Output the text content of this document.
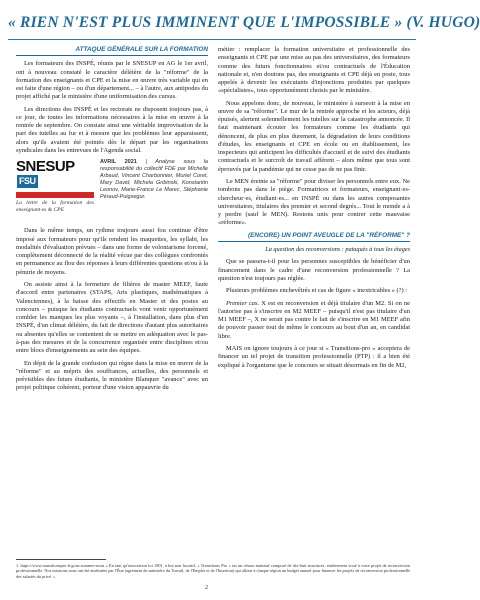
« RIEN N'EST PLUS IMMINENT QUE L'IMPOSSIBLE » (V. HUGO)
ATTAQUE GÉNÉRALE SUR LA FORMATION

Les formateurs des INSPÉ, réunis par le SNESUP en AG le 1er avril, ont à nouveau constaté le caractère délétère de la "réforme" de la formation des enseignants et CPE et la mise en œuvre très variable qui en est faite d'une région – ou d'un département... – à l'autre, aux antipodes du projet affiché par le ministère d'une uniformisation des cursus.

Les directions des INSPÉ et les rectorats ne disposent toujours pas, à ce jour, de toutes les informations nécessaires à la mise en œuvre à la rentrée de septembre. On constate ainsi une véritable improvisation de la part des tutelles au fur et à mesure que les problèmes leur apparaissent, alors qu'ils avaient été pointés dès le départ par les organisations syndicales dans les entrevues de l'Agenda social.

SNESUPFSU
La lettre de la formation des enseignant·es & CPE
AVRIL 2021 | Analyse sous la responsabilité du collectif FDE par Michelle Arbaud, Vincent Charbonnier, Muriel Coret, Mary David, Michela Gribinski, Konstantin Leonov, Marie-France Le Marec, Stéphanie Péraud-Puigsegur.

Dans le même temps, un rythme toujours aussi fou continue d'être imposé aux formateurs pour qu'ils rendent les maquettes, les syllabi, les modalités d'évaluation prévues – dans une forme de volontarisme forcené, complètement déconnecté de la réalité vécue par des collègues confrontés en permanence au flou des réponses à leurs différentes questions et/ou à la pénurie de moyens.

On assiste ainsi à la fermeture de filières de master MEEF, faute d'accord entre partenaires (STAPS, Arts plastiques, mathématiques à Valenciennes), à la baisse des effectifs en Master et des postes au concours – puisque les étudiants contractuels vont venir opportunément combler les manques les plus voyants –, à l'installation, dans plus d'un INSPÉ, d'un climat délétère, du fait de directions d'autant plus autoritaires ou absentes qu'elles se contentent de se mettre en adéquation avec le pas-à-pas des mesures et de la concurrence organisée entre disciplines et/ou entre blocs d'enseignements au sein des équipes.

En dépit de la grande confusion qui règne dans la mise en œuvre de la "réforme" et au mépris des souffrances, actuelles, des personnels et prévisibles des futurs étudiants, le ministère Blanquer "avance" avec un projet politique cohérent, porteur d'une vision appauvrie du

métier : remplacer la formation universitaire et professionnelle des enseignants et CPE par une mise au pas des universitaires, des formateurs comme des futurs fonctionnaires et/ou contractuels de l'Éducation nationale et, n'en doutons pas, des enseignants et CPE déjà en poste, tous appelés à devenir les exécutants d'injonctions produites par quelques «spécialistes», tous opportunément choisis par le ministère.

Nous appelons donc, de nouveau, le ministère à surseoir à la mise en œuvre de sa "réforme". Le mur de la rentrée approche et les acteurs, déjà épuisés, alertent solennellement les tutelles sur la catastrophe annoncée. Il faut maintenant écouter les formateurs comme les étudiants qui dénoncent, de plus en plus durement, la dégradation de leurs conditions d'études, les enseignants et CPE en école ou en établissement, les inspecteurs qui anticipent les difficultés d'accueil et de suivi des étudiants contractuels et le surcroît de travail afférent – alors même que tous sont éprouvés par la pandémie qui ne cesse pas de ne pas finir.

Le MEN éreinte sa "réforme" pour diviser les personnels entre eux. Ne tombons pas dans le piège. Formatrices et formateurs, enseignant·es-chercheur·es, étudiant·es... en INSPÉ ou dans les autres composantes universitaires, titulaires des premier et second degrés... Tout le monde a à y perdre (sauf le MEN). Restons unis pour contrer cette mauvaise «réforme».

(ENCORE) UN POINT AVEUGLE DE LA "RÉFORME" ?
La question des reconversions : pataquès à tous les étages

Que se passera-t-il pour les personnes susceptibles de bénéficier d'un financement dans le cadre d'une reconversion professionnelle ? La question n'est toujours pas réglée.

Plusieurs problèmes enchevêtrés et cas de figure « inextricables » (?) :

Premier cas. X est en reconversion et déjà titulaire d'un M2. Si on ne l'autorise pas à s'inscrire en M2 MEEF – puisqu'il n'est pas titulaire d'un M1 MEEF –, X ne serait pas contre le fait de s'inscrire en M1 MEEF afin de pouvoir passer tout de même le concours au bout d'un an, en candidat libre.

MAIS on ignore toujours à ce jour si « Transitions-pro » acceptera de financer un tel projet de transition professionnelle (PTP) : il a bien été expliqué à l'organisme que le concours se situait désormais en fin de M2,

1. https://www.transitionspro-fr.gouv.sommes-nous « En tant qu'association loi 1901, à but non lucratif, « Transitions Pro » est un réseau national composé de dix-huit structures, entièrement voué à votre projet de reconversion professionnelle. Nos missions nous ont été attribuées par l'État (agrément du ministère du Travail, de l'Emploi et de l'Insertion) qui alloue à chaque région un budget annuel pour financer les projets de reconversion professionnelle des salariés du privé. »
2
